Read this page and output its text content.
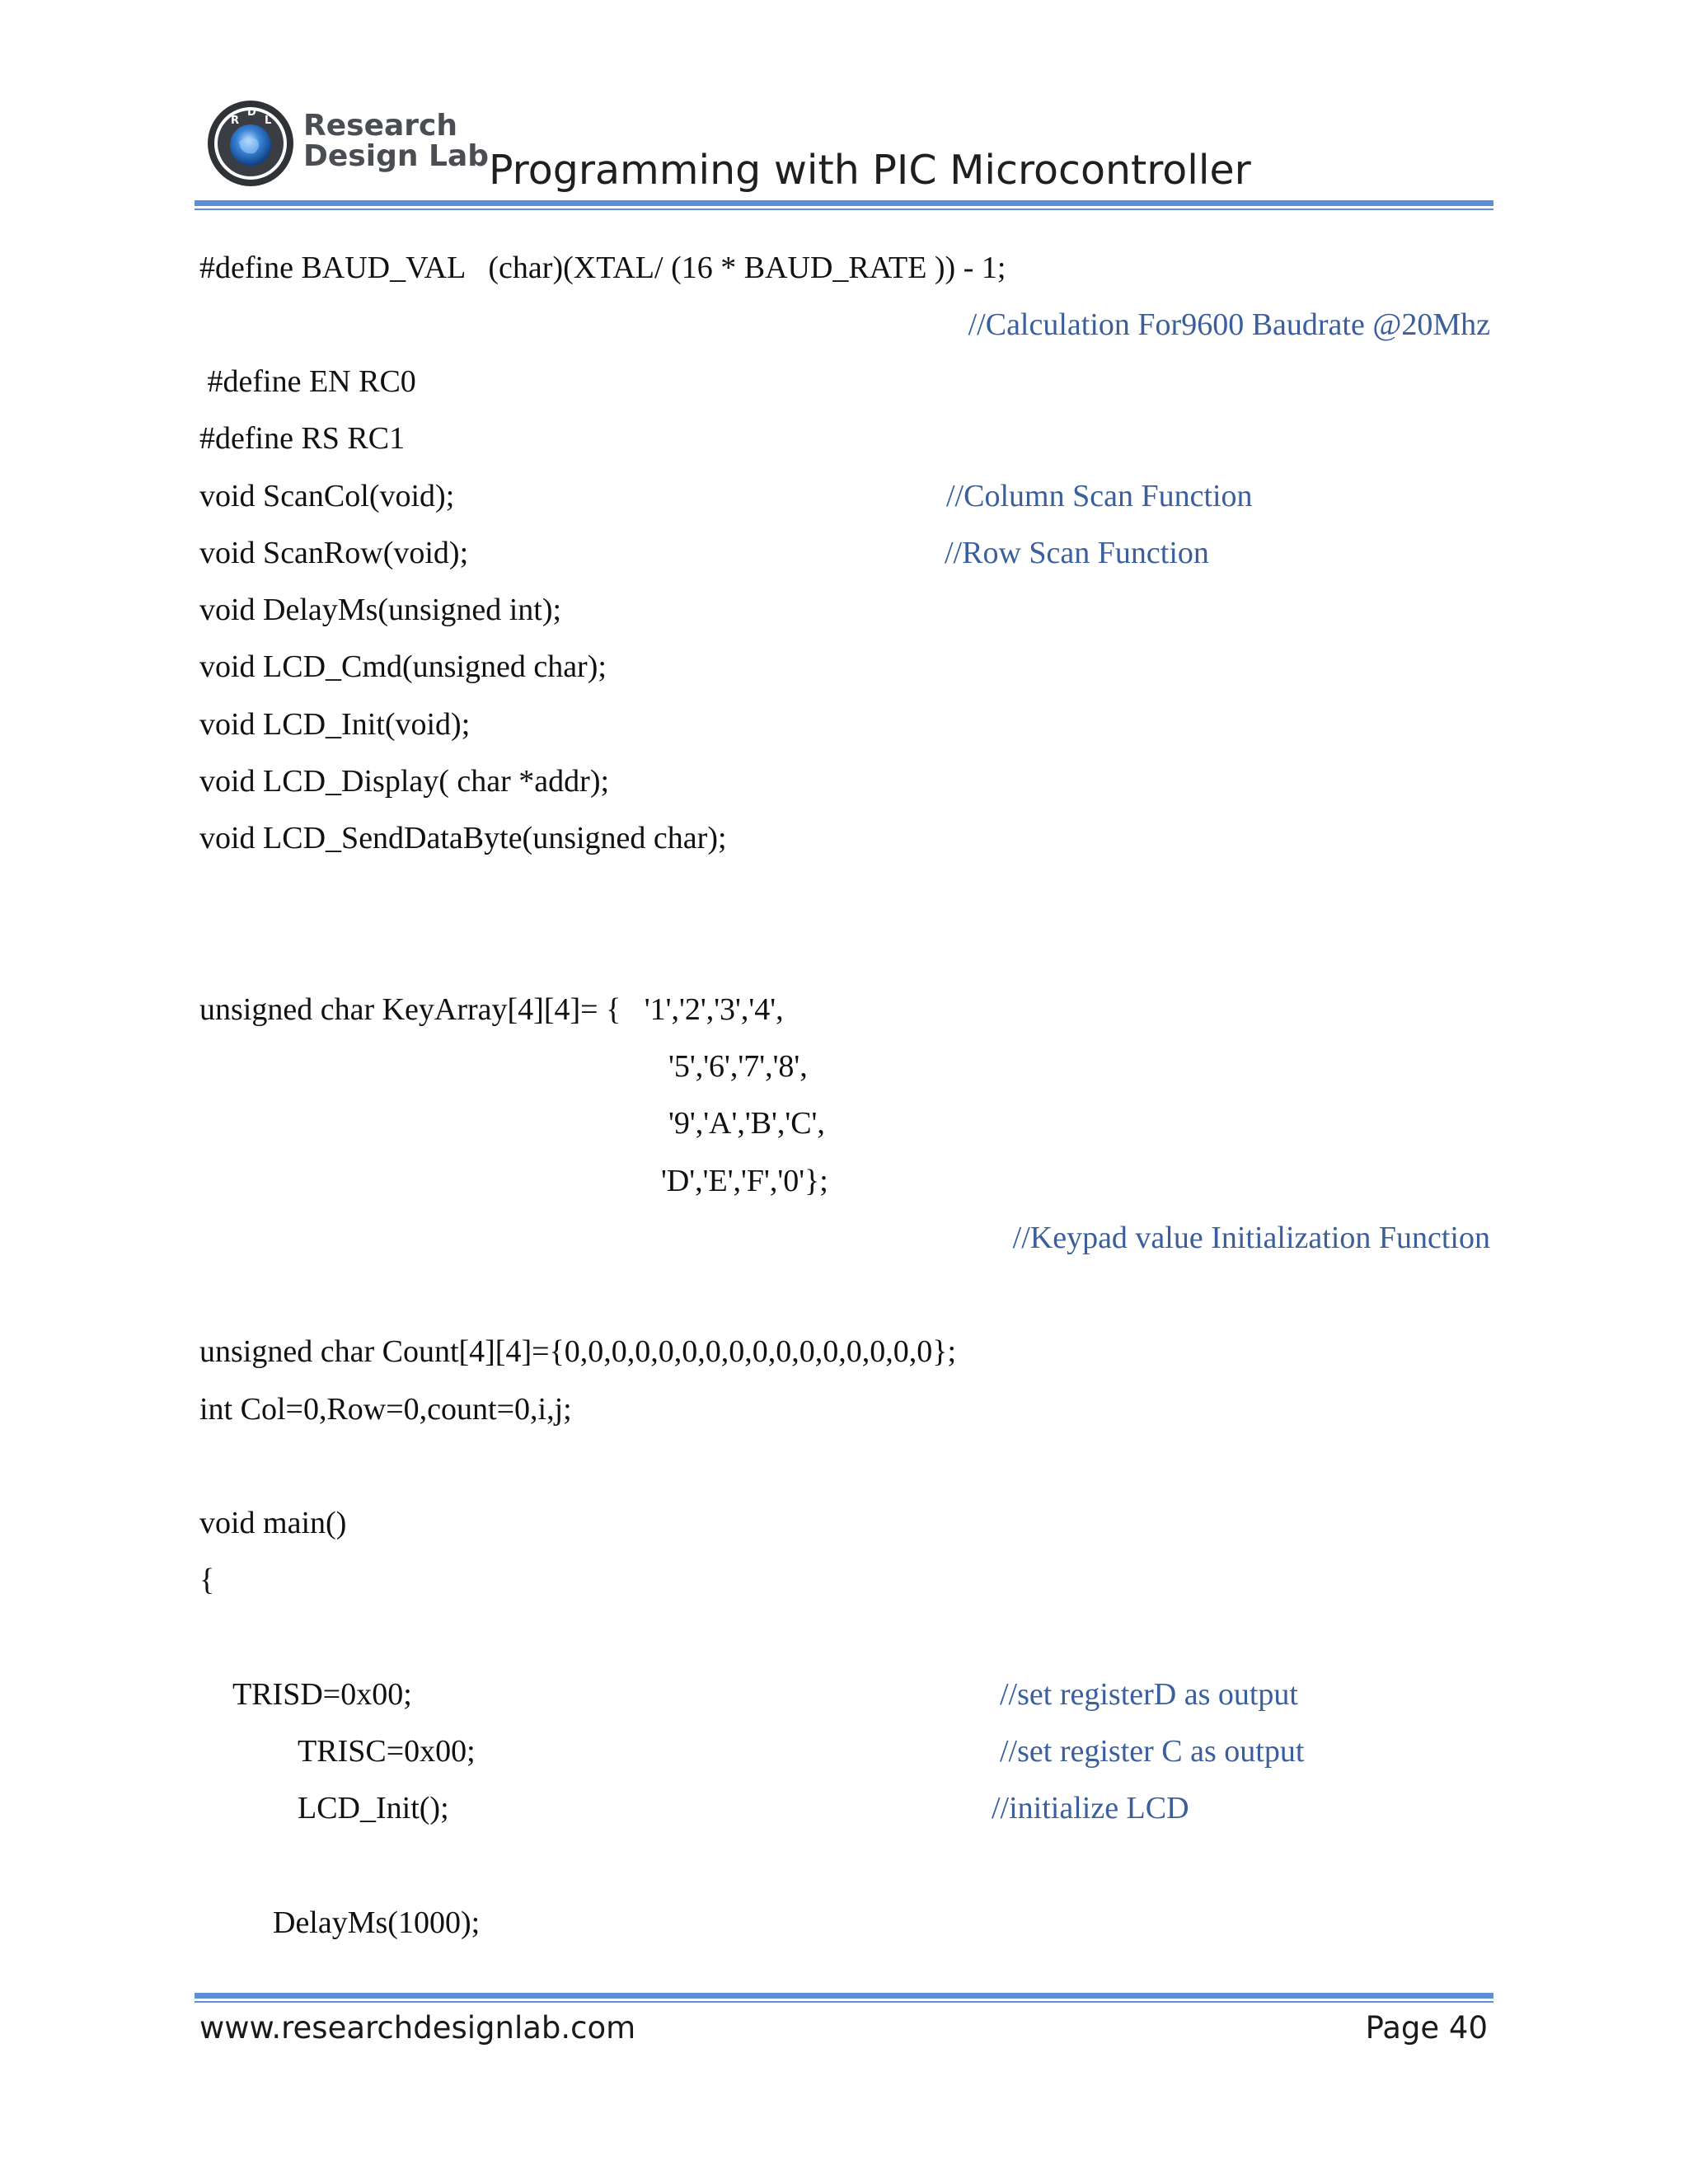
R
D
L Research
Design Lab Programming with PIC Microcontroller
#define BAUD_VAL   (char)(XTAL/ (16 * BAUD_RATE )) - 1;
//Calculation For9600 Baudrate @20Mhz
#define EN RC0
#define RS RC1
void ScanCol(void);	//Column Scan Function
void ScanRow(void);	//Row Scan Function
void DelayMs(unsigned int);
void LCD_Cmd(unsigned char);
void LCD_Init(void);
void LCD_Display( char *addr);
void LCD_SendDataByte(unsigned char);
unsigned char KeyArray[4][4]= {   '1','2','3','4',
'5','6','7','8',
'9','A','B','C',
'D','E','F','0'};
//Keypad value Initialization Function
unsigned char Count[4][4]={0,0,0,0,0,0,0,0,0,0,0,0,0,0,0,0};
int Col=0,Row=0,count=0,i,j;
void main()
{
TRISD=0x00;	//set registerD as output
TRISC=0x00;	//set register C as output
LCD_Init();	//initialize LCD
DelayMs(1000);
www.researchdesignlab.com	Page 40
